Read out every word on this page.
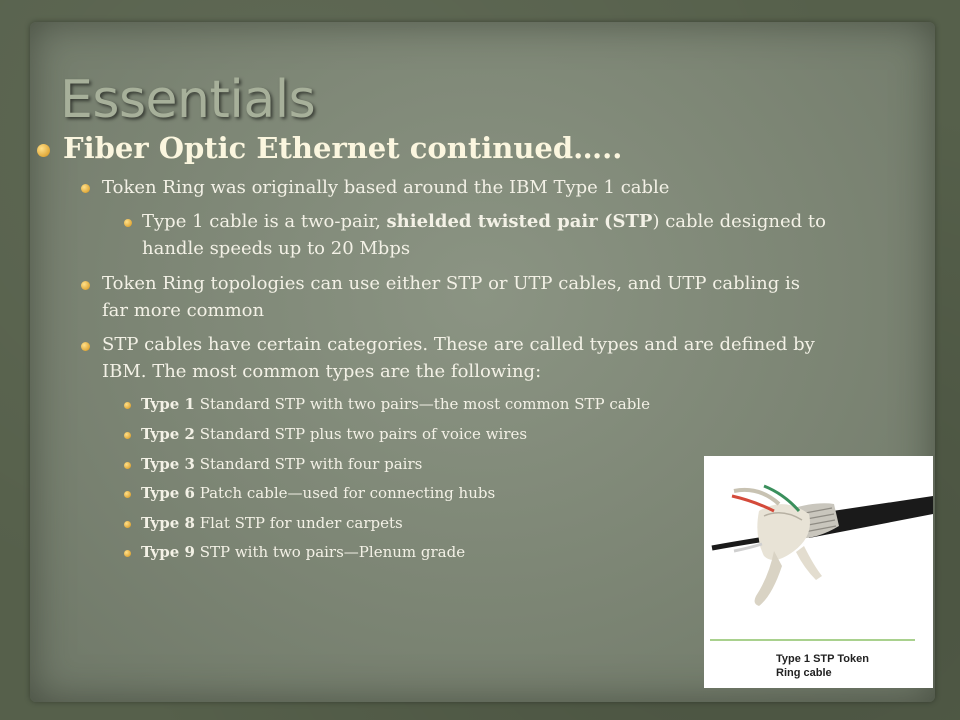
Essentials
Fiber Optic Ethernet continued…..
Token Ring was originally based around the IBM Type 1 cable
Type 1 cable is a two-pair, shielded twisted pair (STP) cable designed to
handle speeds up to 20 Mbps
Token Ring topologies can use either STP or UTP cables, and UTP cabling is
far more common
STP cables have certain categories. These are called types and are defined by
IBM. The most common types are the following:
Type 1 Standard STP with two pairs—the most common STP cable
Type 2 Standard STP plus two pairs of voice wires
Type 3 Standard STP with four pairs
Type 6 Patch cable—used for connecting hubs
Type 8 Flat STP for under carpets
Type 9 STP with two pairs—Plenum grade
Type 1 STP Token
Ring cable
